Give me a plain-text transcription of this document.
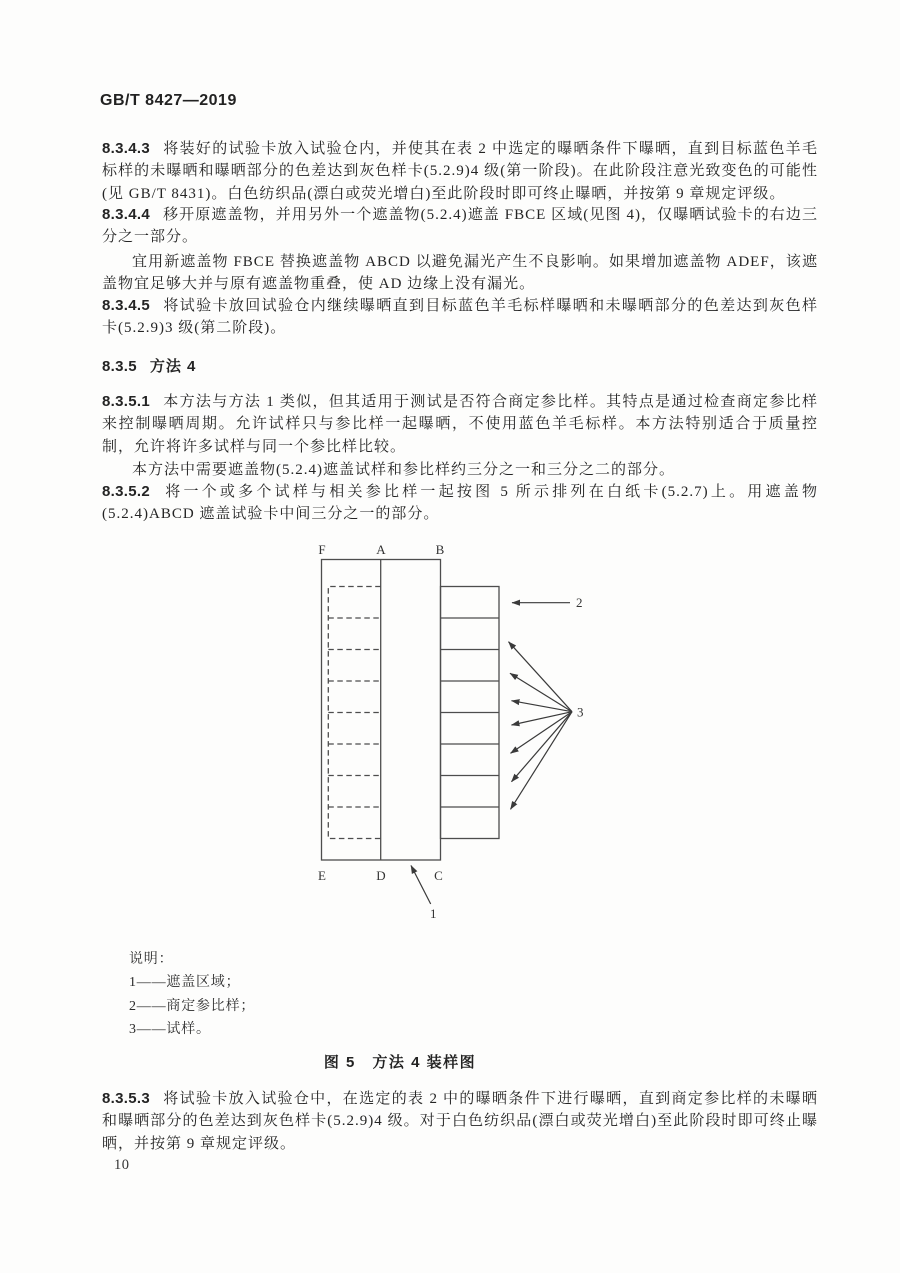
GB/T 8427—2019
8.3.4.3 将装好的试验卡放入试验仓内，并使其在表 2 中选定的曝晒条件下曝晒，直到目标蓝色羊毛标样的未曝晒和曝晒部分的色差达到灰色样卡(5.2.9)4 级(第一阶段)。在此阶段注意光致变色的可能性(见 GB/T 8431)。白色纺织品(漂白或荧光增白)至此阶段时即可终止曝晒，并按第 9 章规定评级。
8.3.4.4 移开原遮盖物，并用另外一个遮盖物(5.2.4)遮盖 FBCE 区域(见图 4)，仅曝晒试验卡的右边三分之一部分。
宜用新遮盖物 FBCE 替换遮盖物 ABCD 以避免漏光产生不良影响。如果增加遮盖物 ADEF，该遮盖物宜足够大并与原有遮盖物重叠，使 AD 边缘上没有漏光。
8.3.4.5 将试验卡放回试验仓内继续曝晒直到目标蓝色羊毛标样曝晒和未曝晒部分的色差达到灰色样卡(5.2.9)3 级(第二阶段)。
8.3.5 方法 4
8.3.5.1 本方法与方法 1 类似，但其适用于测试是否符合商定参比样。其特点是通过检查商定参比样来控制曝晒周期。允许试样只与参比样一起曝晒，不使用蓝色羊毛标样。本方法特别适合于质量控制，允许将许多试样与同一个参比样比较。
本方法中需要遮盖物(5.2.4)遮盖试样和参比样约三分之一和三分之二的部分。
8.3.5.2 将一个或多个试样与相关参比样一起按图 5 所示排列在白纸卡(5.2.7)上。用遮盖物(5.2.4)ABCD 遮盖试验卡中间三分之一的部分。
F	A	B
E	D	C
2
3
1
说明：
1——遮盖区域；
2——商定参比样；
3——试样。
图 5　方法 4 装样图
8.3.5.3 将试验卡放入试验仓中，在选定的表 2 中的曝晒条件下进行曝晒，直到商定参比样的未曝晒和曝晒部分的色差达到灰色样卡(5.2.9)4 级。对于白色纺织品(漂白或荧光增白)至此阶段时即可终止曝晒，并按第 9 章规定评级。
10
